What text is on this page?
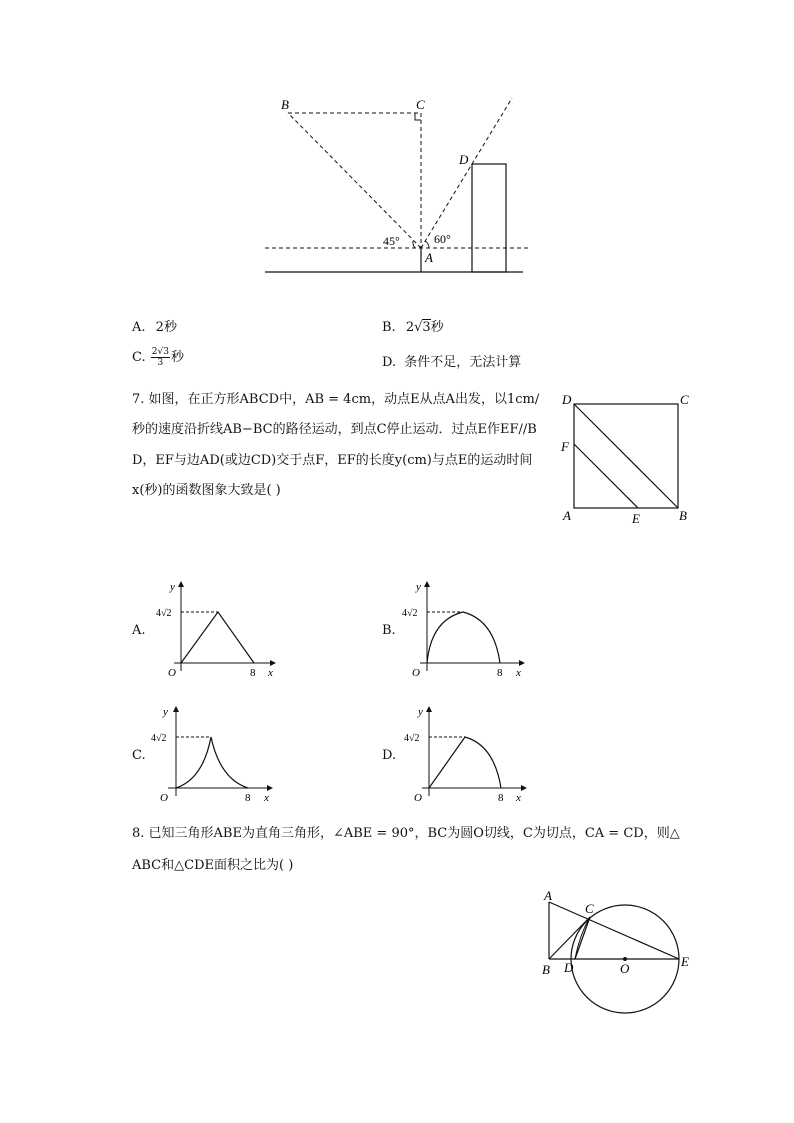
B	C
D
A
45°	60°
A. 2秒	B. 2√3秒
C. $\frac{2√3}{3}$ 秒	D. 条件不足，无法计算
7. 如图，在正方形ABCD中，AB = 4cm，动点E从点A出发，以1cm/
秒的速度沿折线AB−BC的路径运动，到点C停止运动．过点E作EF//B
D，EF与边AD(或边CD)交于点F，EF的长度y(cm)与点E的运动时间
x(秒)的函数图象大致是( )
D	C
F
A	E	B
A.
y
4√2
O	8 x
B.
y
4√2
O	8 x
C.
y
4√2
O	8 x
D.
y
4√2
O	8 x
8. 已知三角形ABE为直角三角形，∠ABE = 90°，BC为圆O切线，C为切点，CA = CD，则△
ABC和△CDE面积之比为( )
A
C
B D	O	E
